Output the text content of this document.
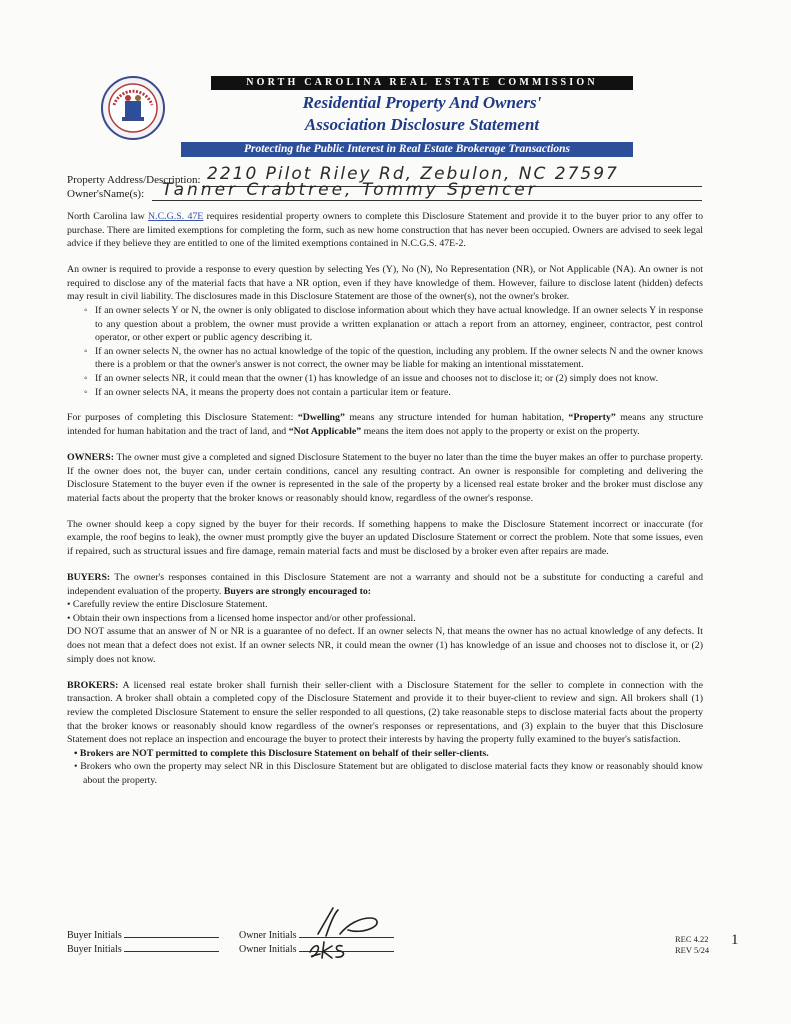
NORTH CAROLINA REAL ESTATE COMMISSION
Residential Property And Owners'
Association Disclosure Statement
Protecting the Public Interest in Real Estate Brokerage Transactions
Property Address/Description: 2210 Pilot Riley Rd, Zebulon, NC 27597
Owner'sName(s): Tanner Crabtree, Tommy Spencer

North Carolina law N.C.G.S. 47E requires residential property owners to complete this Disclosure Statement and provide it to the buyer prior to any offer to purchase. There are limited exemptions for completing the form, such as new home construction that has never been occupied. Owners are advised to seek legal advice if they believe they are entitled to one of the limited exemptions contained in N.C.G.S. 47E-2.

An owner is required to provide a response to every question by selecting Yes (Y), No (N), No Representation (NR), or Not Applicable (NA). An owner is not required to disclose any of the material facts that have a NR option, even if they have knowledge of them. However, failure to disclose latent (hidden) defects may result in civil liability. The disclosures made in this Disclosure Statement are those of the owner(s), not the owner's broker.

◦ If an owner selects Y or N, the owner is only obligated to disclose information about which they have actual knowledge. If an owner selects Y in response to any question about a problem, the owner must provide a written explanation or attach a report from an attorney, engineer, contractor, pest control operator, or other expert or public agency describing it.
◦ If an owner selects N, the owner has no actual knowledge of the topic of the question, including any problem. If the owner selects N and the owner knows there is a problem or that the owner's answer is not correct, the owner may be liable for making an intentional misstatement.
◦ If an owner selects NR, it could mean that the owner (1) has knowledge of an issue and chooses not to disclose it; or (2) simply does not know.
◦ If an owner selects NA, it means the property does not contain a particular item or feature.

For purposes of completing this Disclosure Statement: “Dwelling” means any structure intended for human habitation, “Property” means any structure intended for human habitation and the tract of land, and “Not Applicable” means the item does not apply to the property or exist on the property.

OWNERS: The owner must give a completed and signed Disclosure Statement to the buyer no later than the time the buyer makes an offer to purchase property. If the owner does not, the buyer can, under certain conditions, cancel any resulting contract. An owner is responsible for completing and delivering the Disclosure Statement to the buyer even if the owner is represented in the sale of the property by a licensed real estate broker and the broker must disclose any material facts about the property that the broker knows or reasonably should know, regardless of the owner's response.

The owner should keep a copy signed by the buyer for their records. If something happens to make the Disclosure Statement incorrect or inaccurate (for example, the roof begins to leak), the owner must promptly give the buyer an updated Disclosure Statement or correct the problem. Note that some issues, even if repaired, such as structural issues and fire damage, remain material facts and must be disclosed by a broker even after repairs are made.

BUYERS: The owner's responses contained in this Disclosure Statement are not a warranty and should not be a substitute for conducting a careful and independent evaluation of the property. Buyers are strongly encouraged to:

• Carefully review the entire Disclosure Statement.
• Obtain their own inspections from a licensed home inspector and/or other professional.

DO NOT assume that an answer of N or NR is a guarantee of no defect. If an owner selects N, that means the owner has no actual knowledge of any defects. It does not mean that a defect does not exist. If an owner selects NR, it could mean the owner (1) has knowledge of an issue and chooses not to disclose it, or (2) simply does not know.

BROKERS: A licensed real estate broker shall furnish their seller-client with a Disclosure Statement for the seller to complete in connection with the transaction. A broker shall obtain a completed copy of the Disclosure Statement and provide it to their buyer-client to review and sign. All brokers shall (1) review the completed Disclosure Statement to ensure the seller responded to all questions, (2) take reasonable steps to disclose material facts about the property that the broker knows or reasonably should know regardless of the owner's responses or representations, and (3) explain to the buyer that this Disclosure Statement does not replace an inspection and encourage the buyer to protect their interests by having the property fully examined to the buyer's satisfaction.

• Brokers are NOT permitted to complete this Disclosure Statement on behalf of their seller-clients.
• Brokers who own the property may select NR in this Disclosure Statement but are obligated to disclose material facts they know or reasonably should know about the property.
Buyer Initials
Buyer Initials
Owner Initials
Owner Initials
REC 4.22
REV 5/24
1
